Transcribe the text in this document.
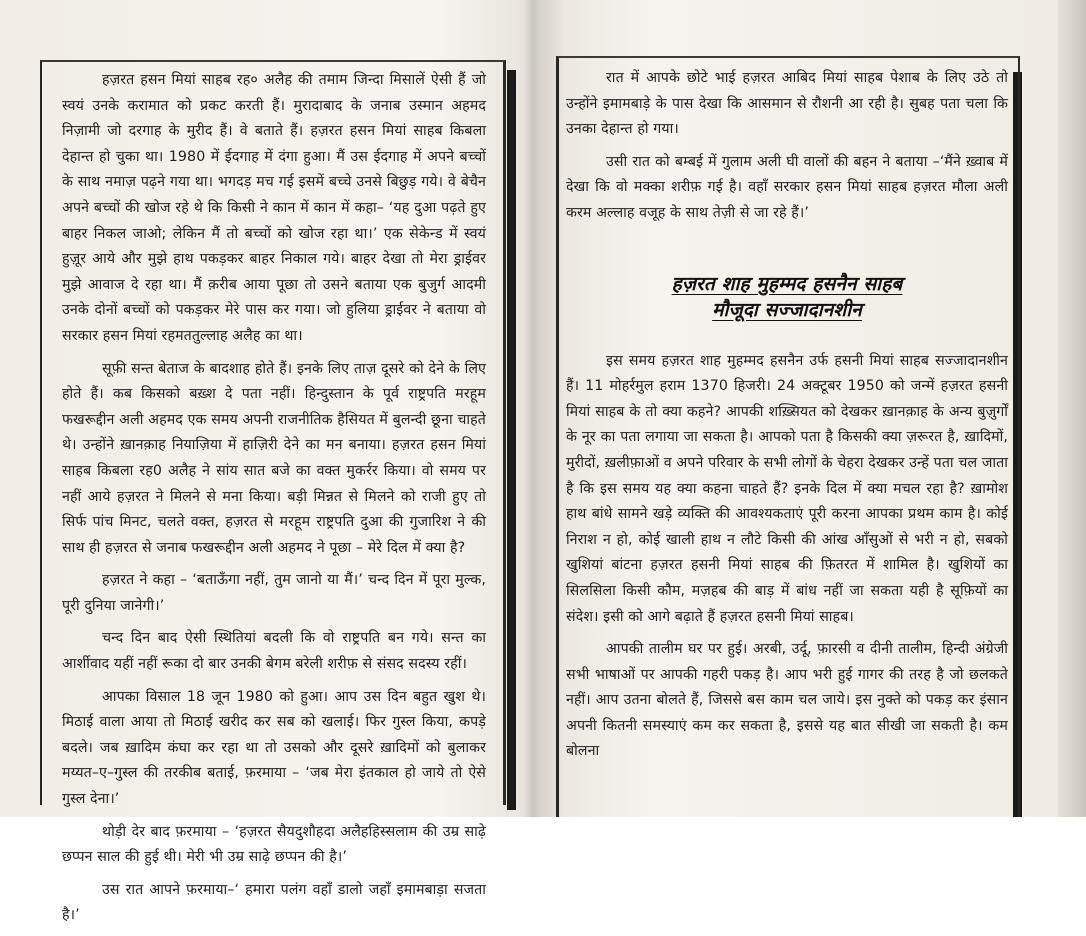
हज़रत हसन मियां साहब रह० अलैह की तमाम जिन्दा मिसालें ऐसी हैं जो स्वयं उनके करामात को प्रकट करती हैं। मुरादाबाद के जनाब उस्मान अहमद निज़ामी जो दरगाह के मुरीद हैं। वे बताते हैं। हज़रत हसन मियां साहब किबला देहान्त हो चुका था। 1980 में ईदगाह में दंगा हुआ। मैं उस ईदगाह में अपने बच्चों के साथ नमाज़ पढ़ने गया था। भगदड़ मच गई इसमें बच्चे उनसे बिछुड़ गये। वे बेचैन अपने बच्चों की खोज रहे थे कि किसी ने कान में कान में कहा– ‘यह दुआ पढ़ते हुए बाहर निकल जाओ; लेकिन मैं तो बच्चों को खोज रहा था।’ एक सेकेन्ड में स्वयं हुज़ूर आये और मुझे हाथ पकड़कर बाहर निकाल गये। बाहर देखा तो मेरा ड्राईवर मुझे आवाज दे रहा था। मैं क़रीब आया पूछा तो उसने बताया एक बुजुर्ग आदमी उनके दोनों बच्चों को पकड़कर मेरे पास कर गया। जो हुलिया ड्राईवर ने बताया वो सरकार हसन मियां रहमततुल्लाह अलैह का था।

सूफ़ी सन्त बेताज के बादशाह होते हैं। इनके लिए ताज़ दूसरे को देने के लिए होते हैं। कब किसको बख़्श दे पता नहीं। हिन्दुस्तान के पूर्व राष्ट्रपति मरहूम फखरूद्दीन अली अहमद एक समय अपनी राजनीतिक हैसियत में बुलन्दी छूना चाहते थे। उन्होंने ख़ानक़ाह नियाज़िया में हाज़िरी देने का मन बनाया। हज़रत हसन मियां साहब किबला रह0 अलैह ने सांय सात बजे का वक्त मुकर्रर किया। वो समय पर नहीं आये हज़रत ने मिलने से मना किया। बड़ी मिन्नत से मिलने को राजी हुए तो सिर्फ पांच मिनट, चलते वक्त, हज़रत से मरहूम राष्ट्रपति दुआ की गुजारिश ने की साथ ही हज़रत से जनाब फखरूद्दीन अली अहमद ने पूछा – मेरे दिल में क्या है?

हज़रत ने कहा – ‘बताऊँगा नहीं, तुम जानो या मैं।’ चन्द दिन में पूरा मुल्क, पूरी दुनिया जानेगी।’

चन्द दिन बाद ऐसी स्थितियां बदली कि वो राष्ट्रपति बन गये। सन्त का आर्शीवाद यहीं नहीं रूका दो बार उनकी बेगम बरेली शरीफ़ से संसद सदस्य रहीं।

आपका विसाल 18 जून 1980 को हुआ। आप उस दिन बहुत खुश थे। मिठाई वाला आया तो मिठाई खरीद कर सब को खलाई। फिर गुस्ल किया, कपड़े बदले। जब ख़ादिम कंघा कर रहा था तो उसको और दूसरे ख़ादिमों को बुलाकर मय्यत–ए–गुस्ल की तरकीब बताई, फ़रमाया – ‘जब मेरा इंतकाल हो जाये तो ऐसे गुस्ल देना।’

थोड़ी देर बाद फ़रमाया – ‘हज़रत सैयदुशौहदा अलैहहिस्सलाम की उम्र साढ़े छप्पन साल की हुई थी। मेरी भी उम्र साढ़े छप्पन की है।’

उस रात आपने फ़रमाया–‘ हमारा पलंग वहाँ डालो जहाँ इमामबाड़ा सजता है।’

रात में आपके छोटे भाई हज़रत आबिद मियां साहब पेशाब के लिए उठे तो उन्होंने इमामबाड़े के पास देखा कि आसमान से रौशनी आ रही है। सुबह पता चला कि उनका देहान्त हो गया।

उसी रात को बम्बई में गुलाम अली घी वालों की बहन ने बताया –‘मैंने ख़्वाब में देखा कि वो मक्का शरीफ़ गई है। वहाँ सरकार हसन मियां साहब हज़रत मौला अली करम अल्लाह वजूह के साथ तेज़ी से जा रहे हैं।’

हज़रत शाह मुहम्मद हसनैन साहब
मौजूदा सज्जादानशीन

इस समय हज़रत शाह मुहम्मद हसनैन उर्फ हसनी मियां साहब सज्जादानशीन हैं। 11 मोहर्रमुल हराम 1370 हिजरी। 24 अक्टूबर 1950 को जन्में हज़रत हसनी मियां साहब के तो क्या कहने? आपकी शख़्सियत को देखकर ख़ानक़ाह के अन्य बुज़ुर्गों के नूर का पता लगाया जा सकता है। आपको पता है किसकी क्या ज़रूरत है, ख़ादिमों, मुरीदों, ख़लीफ़ाओं व अपने परिवार के सभी लोगों के चेहरा देखकर उन्हें पता चल जाता है कि इस समय यह क्या कहना चाहते हैं? इनके दिल में क्या मचल रहा है? ख़ामोश हाथ बांधे सामने खड़े व्यक्ति की आवश्यकताएं पूरी करना आपका प्रथम काम है। कोई निराश न हो, कोई खाली हाथ न लौटे किसी की आंख आँसुओं से भरी न हो, सबको खुशियां बांटना हज़रत हसनी मियां साहब की फ़ितरत में शामिल है। खुशियों का सिलसिला किसी कौम, मज़हब की बाड़ में बांध नहीं जा सकता यही है सूफ़ियों का संदेश। इसी को आगे बढ़ाते हैं हज़रत हसनी मियां साहब।

आपकी तालीम घर पर हुई। अरबी, उर्दू, फ़ारसी व दीनी तालीम, हिन्दी अंग्रेजी सभी भाषाओं पर आपकी गहरी पकड़ है। आप भरी हुई गागर की तरह है जो छलकते नहीं। आप उतना बोलते हैं, जिससे बस काम चल जाये। इस नुक्ते को पकड़ कर इंसान अपनी कितनी समस्याएं कम कर सकता है, इससे यह बात सीखी जा सकती है। कम बोलना
